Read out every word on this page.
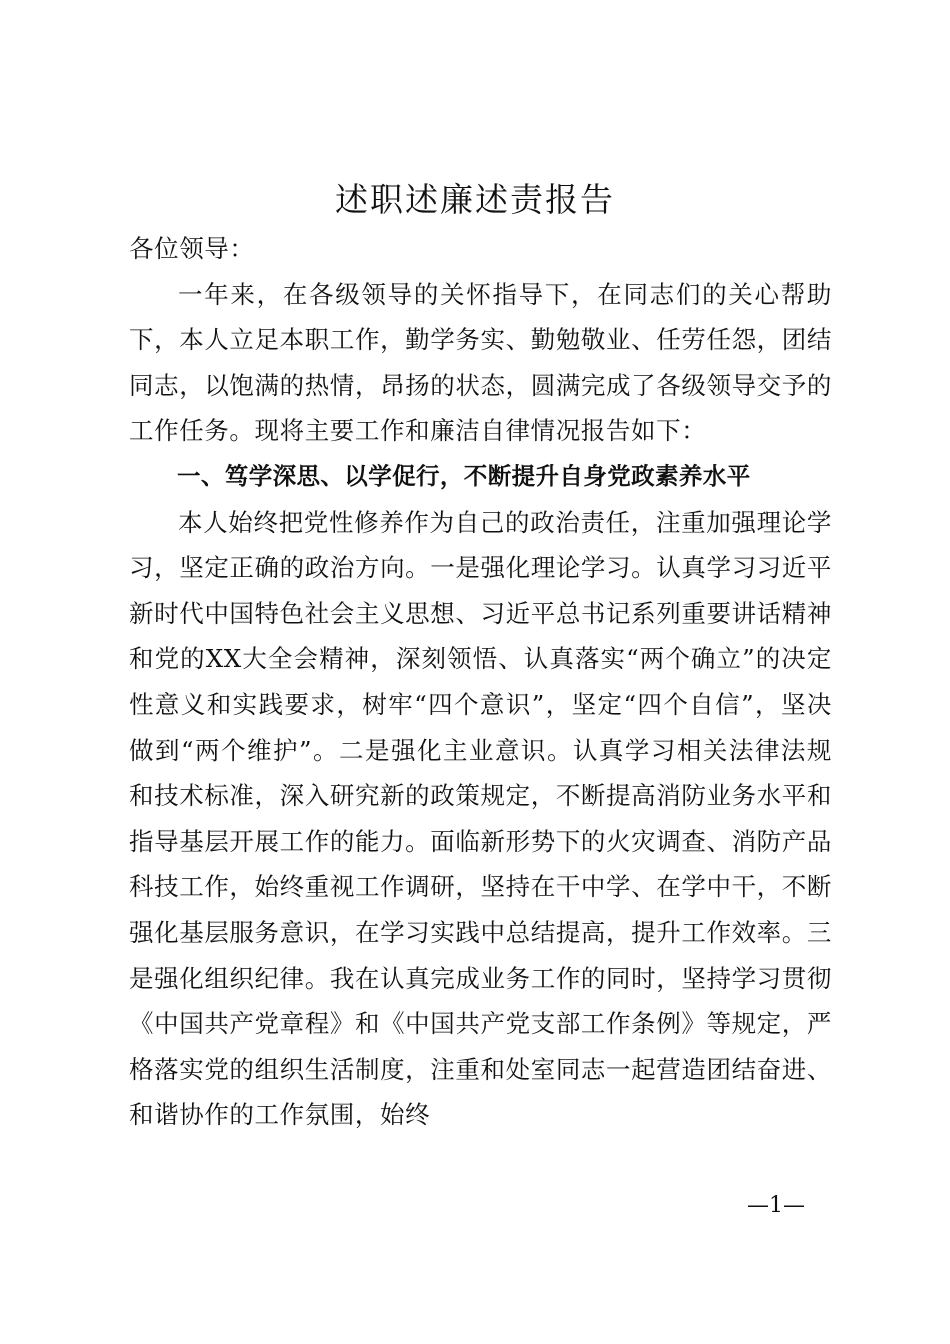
述职述廉述责报告

各位领导：

一年来，在各级领导的关怀指导下，在同志们的关心帮助下，本人立足本职工作，勤学务实、勤勉敬业、任劳任怨，团结同志，以饱满的热情，昂扬的状态，圆满完成了各级领导交予的工作任务。现将主要工作和廉洁自律情况报告如下：

一、笃学深思、以学促行，不断提升自身党政素养水平

本人始终把党性修养作为自己的政治责任，注重加强理论学习，坚定正确的政治方向。一是强化理论学习。认真学习习近平新时代中国特色社会主义思想、习近平总书记系列重要讲话精神和党的XX大全会精神，深刻领悟、认真落实“两个确立”的决定性意义和实践要求，树牢“四个意识”，坚定“四个自信”，坚决做到“两个维护”。二是强化主业意识。认真学习相关法律法规和技术标准，深入研究新的政策规定，不断提高消防业务水平和指导基层开展工作的能力。面临新形势下的火灾调查、消防产品科技工作，始终重视工作调研，坚持在干中学、在学中干，不断强化基层服务意识，在学习实践中总结提高，提升工作效率。三是强化组织纪律。我在认真完成业务工作的同时，坚持学习贯彻《中国共产党章程》和《中国共产党支部工作条例》等规定，严格落实党的组织生活制度，注重和处室同志一起营造团结奋进、和谐协作的工作氛围，始终

—1—
